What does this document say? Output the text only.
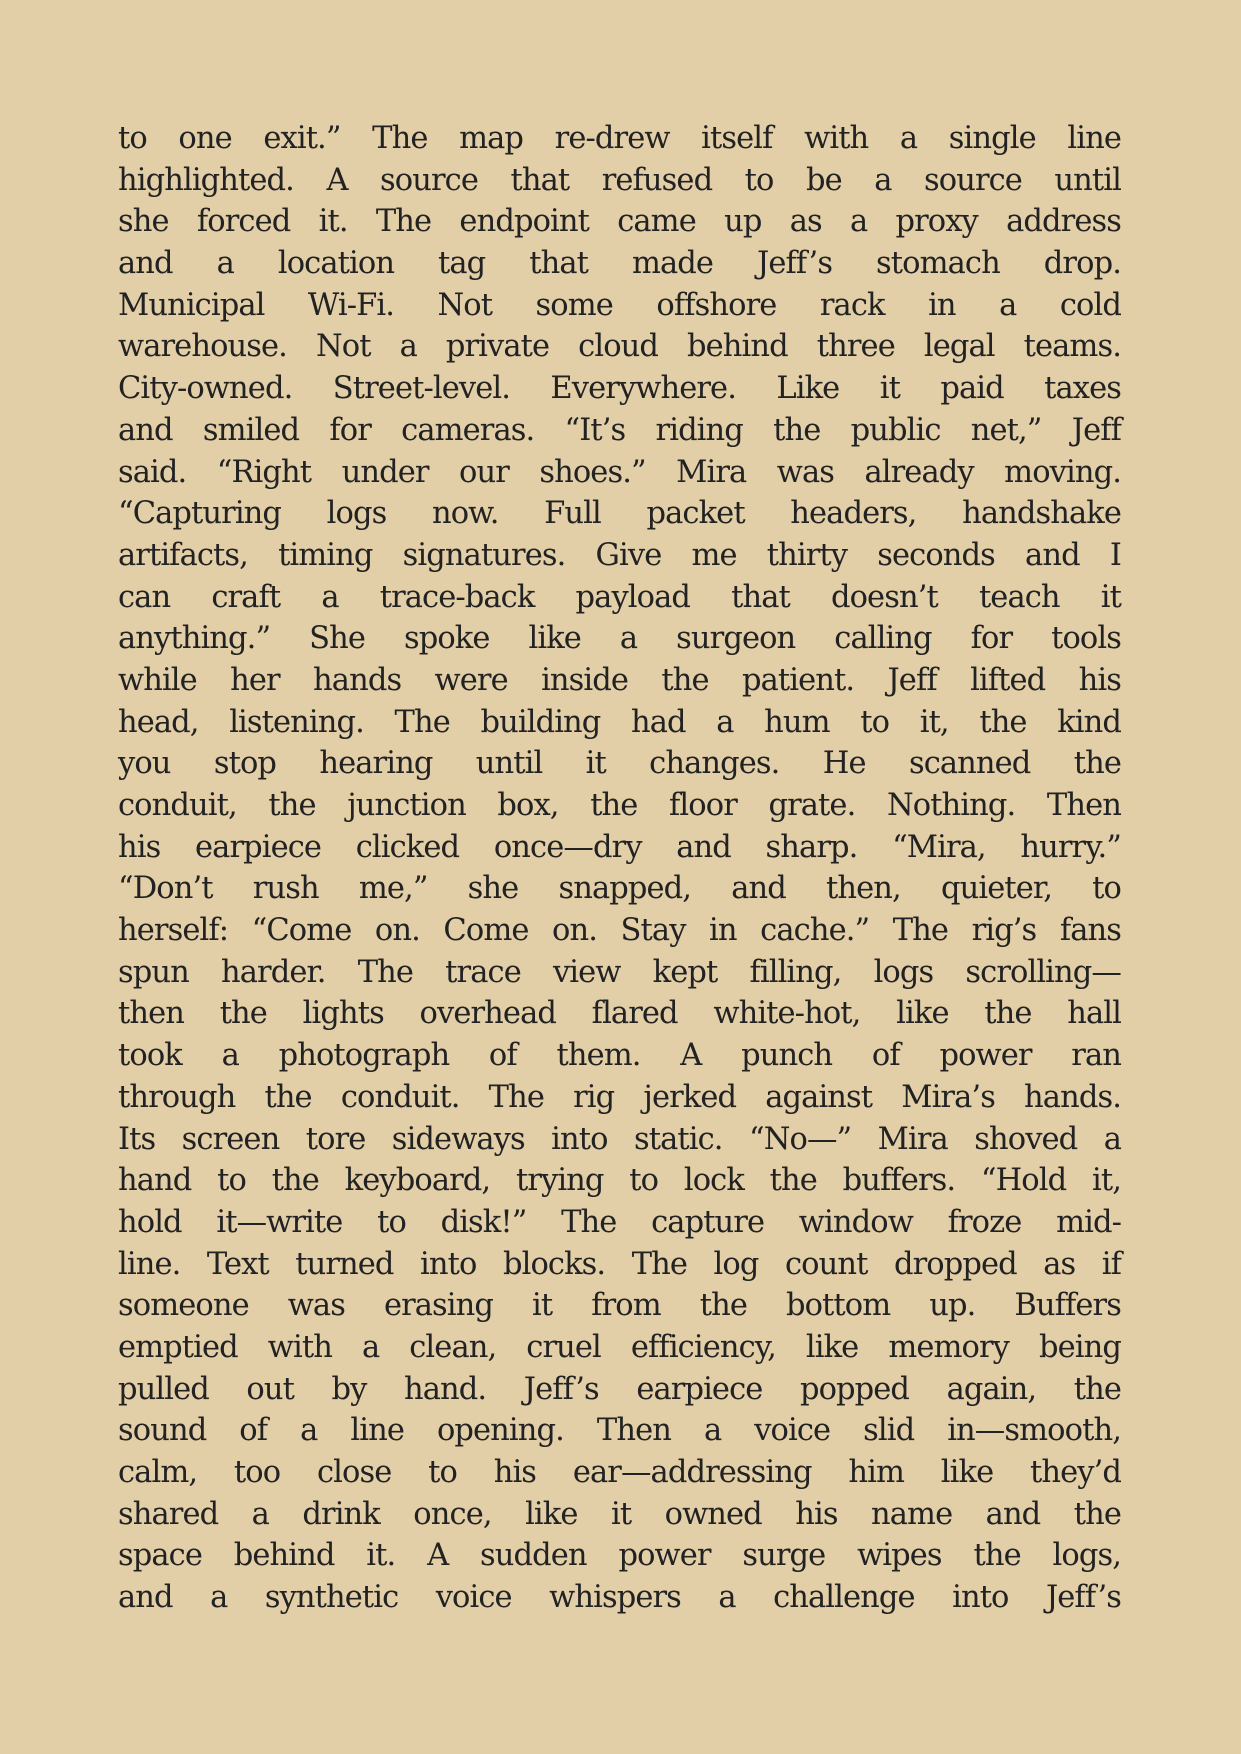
to one exit.” The map re-drew itself with a single line
highlighted. A source that refused to be a source until
she forced it. The endpoint came up as a proxy address
and a location tag that made Jeff’s stomach drop.
Municipal Wi-Fi. Not some offshore rack in a cold
warehouse. Not a private cloud behind three legal teams.
City-owned. Street-level. Everywhere. Like it paid taxes
and smiled for cameras. “It’s riding the public net,” Jeff
said. “Right under our shoes.” Mira was already moving.
“Capturing logs now. Full packet headers, handshake
artifacts, timing signatures. Give me thirty seconds and I
can craft a trace-back payload that doesn’t teach it
anything.” She spoke like a surgeon calling for tools
while her hands were inside the patient. Jeff lifted his
head, listening. The building had a hum to it, the kind
you stop hearing until it changes. He scanned the
conduit, the junction box, the floor grate. Nothing. Then
his earpiece clicked once—dry and sharp. “Mira, hurry.”
“Don’t rush me,” she snapped, and then, quieter, to
herself: “Come on. Come on. Stay in cache.” The rig’s fans
spun harder. The trace view kept filling, logs scrolling—
then the lights overhead flared white-hot, like the hall
took a photograph of them. A punch of power ran
through the conduit. The rig jerked against Mira’s hands.
Its screen tore sideways into static. “No—” Mira shoved a
hand to the keyboard, trying to lock the buffers. “Hold it,
hold it—write to disk!” The capture window froze mid-
line. Text turned into blocks. The log count dropped as if
someone was erasing it from the bottom up. Buffers
emptied with a clean, cruel efficiency, like memory being
pulled out by hand. Jeff’s earpiece popped again, the
sound of a line opening. Then a voice slid in—smooth,
calm, too close to his ear—addressing him like they’d
shared a drink once, like it owned his name and the
space behind it. A sudden power surge wipes the logs,
and a synthetic voice whispers a challenge into Jeff’s
